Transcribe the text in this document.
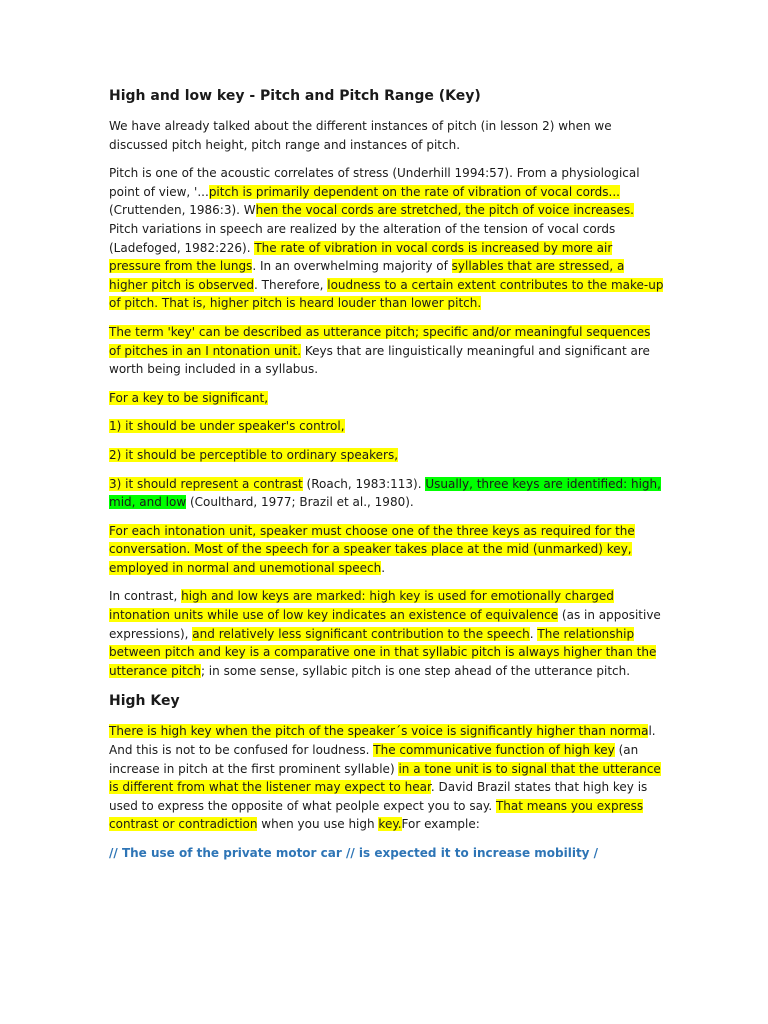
High and low key - Pitch and Pitch Range (Key)

We have already talked about the different instances of pitch (in lesson 2) when we discussed pitch height, pitch range and instances of pitch.

Pitch is one of the acoustic correlates of stress (Underhill 1994:57). From a physiological point of view, '...pitch is primarily dependent on the rate of vibration of vocal cords... (Cruttenden, 1986:3). When the vocal cords are stretched, the pitch of voice increases. Pitch variations in speech are realized by the alteration of the tension of vocal cords (Ladefoged, 1982:226). The rate of vibration in vocal cords is increased by more air pressure from the lungs. In an overwhelming majority of syllables that are stressed, a higher pitch is observed. Therefore, loudness to a certain extent contributes to the make-up of pitch. That is, higher pitch is heard louder than lower pitch.

The term 'key' can be described as utterance pitch; specific and/or meaningful sequences of pitches in an I ntonation unit. Keys that are linguistically meaningful and significant are worth being included in a syllabus.

For a key to be significant,

1) it should be under speaker's control,

2) it should be perceptible to ordinary speakers,

3) it should represent a contrast (Roach, 1983:113). Usually, three keys are identified: high, mid, and low (Coulthard, 1977; Brazil et al., 1980).

For each intonation unit, speaker must choose one of the three keys as required for the conversation. Most of the speech for a speaker takes place at the mid (unmarked) key, employed in normal and unemotional speech.

In contrast, high and low keys are marked: high key is used for emotionally charged intonation units while use of low key indicates an existence of equivalence (as in appositive expressions), and relatively less significant contribution to the speech. The relationship between pitch and key is a comparative one in that syllabic pitch is always higher than the utterance pitch; in some sense, syllabic pitch is one step ahead of the utterance pitch.

High Key

There is high key when the pitch of the speaker´s voice is significantly higher than normal. And this is not to be confused for loudness. The communicative function of high key (an increase in pitch at the first prominent syllable) in a tone unit is to signal that the utterance is different from what the listener may expect to hear. David Brazil states that high key is used to express the opposite of what peolple expect you to say. That means you express contrast or contradiction when you use high key.For example:

// The use of the private motor car // is expected it to increase mobility /
